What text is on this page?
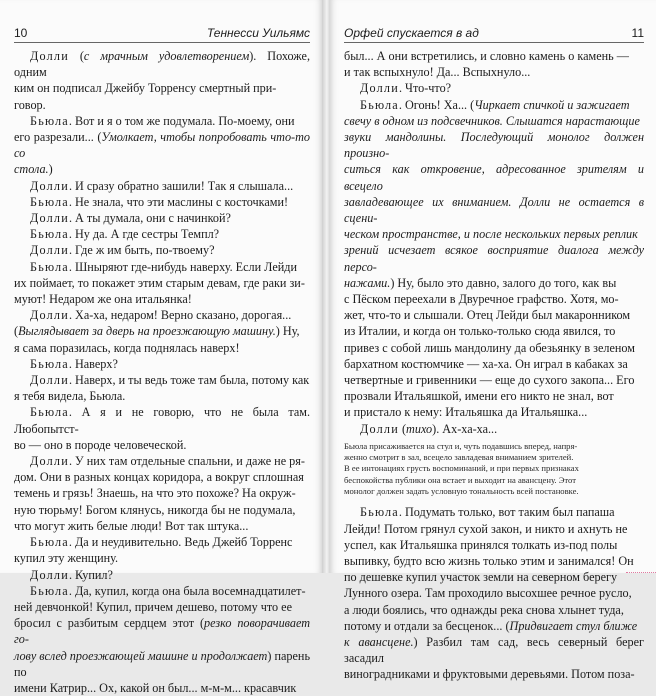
10	Теннесси Уильямс

Долли (с мрачным удовлетворением). Похоже, одним
ким он подписал Джейбу Торренсу смертный при-
говор.

Бьюла. Вот и я о том же подумала. По-моему, они
его разрезали... (Умолкает, чтобы попробовать что-то со
стола.)

Долли. И сразу обратно зашили! Так я слышала...

Бьюла. Не знала, что эти маслины с косточками!

Долли. А ты думала, они с начинкой?

Бьюла. Ну да. А где сестры Темпл?

Долли. Где ж им быть, по-твоему?

Бьюла. Шныряют где-нибудь наверху. Если Лейди
их поймает, то покажет этим старым девам, где раки зи-
муют! Недаром же она итальянка!

Долли. Ха-ха, недаром! Верно сказано, дорогая...
(Выглядывает за дверь на проезжающую машину.) Ну,
я сама поразилась, когда поднялась наверх!

Бьюла. Наверх?

Долли. Наверх, и ты ведь тоже там была, потому как
я тебя видела, Бьюла.

Бьюла. А я и не говорю, что не была там. Любопытст-
во — оно в породе человеческой.

Долли. У них там отдельные спальни, и даже не ря-
дом. Они в разных концах коридора, а вокруг сплошная
темень и грязь! Знаешь, на что это похоже? На окруж-
ную тюрьму! Богом клянусь, никогда бы не подумала,
что могут жить белые люди! Вот так штука...

Бьюла. Да и неудивительно. Ведь Джейб Торренс
купил эту женщину.

Долли. Купил?

Бьюла. Да, купил, когда она была восемнадцатилет-
ней девчонкой! Купил, причем дешево, потому что ее
бросил с разбитым сердцем этот (резко поворачивает го-
лову вслед проезжающей машине и продолжает) парень по
имени Катрир... Ох, какой он был... м-м-м... красавчик

Орфей спускается в ад	11

был... А они встретились, и словно камень о камень —
и так вспыхнуло! Да... Вспыхнуло...

Долли. Что-что?

Бьюла. Огонь! Ха... (Чиркает спичкой и зажигает
свечу в одном из подсвечников. Слышатся нарастающие
звуки мандолины. Последующий монолог должен произно-
ситься как откровение, адресованное зрителям и всецело
завладевающее их вниманием. Долли не остается в сцени-
ческом пространстве, и после нескольких первых реплик
зрений исчезает всякое восприятие диалога между персо-
нажами.) Ну, было это давно, залого до того, как вы
с Пёском переехали в Двуречное графство. Хотя, мо-
жет, что-то и слышали. Отец Лейди был макаронником
из Италии, и когда он только-только сюда явился, то
привез с собой лишь мандолину да обезьянку в зеленом
бархатном костюмчике — ха-ха. Он играл в кабаках за
четвертные и гривенники — еще до сухого закопа... Его
прозвали Итальяшкой, имени его никто не знал, вот
и пристало к нему: Итальяшка да Итальяшка...

Долли (тихо). Ах-ха-ха...

Бьюла присаживается на стул и, чуть подавшись вперед, напря-
женно смотрит в зал, всецело завладевая вниманием зрителей.
В ее интонациях грусть воспоминаний, и при первых признаках
беспокойства публики она встает и выходит на авансцену. Этот
монолог должен задать условную тональность всей постановке.

Бьюла. Подумать только, вот таким был папаша
Лейди! Потом грянул сухой закон, и никто и ахнуть не
успел, как Итальяшка принялся толкать из-под полы
выпивку, будто всю жизнь только этим и занимался! Он
по дешевке купил участок земли на северном берегу
Лунного озера. Там проходило высохшее речное русло,
а люди боялись, что однажды река снова хлынет туда,
потому и отдали за бесценок... (Придвигает стул ближе
к авансцене.) Разбил там сад, весь северный берег засадил
виноградниками и фруктовыми деревьями. Потом поза-
